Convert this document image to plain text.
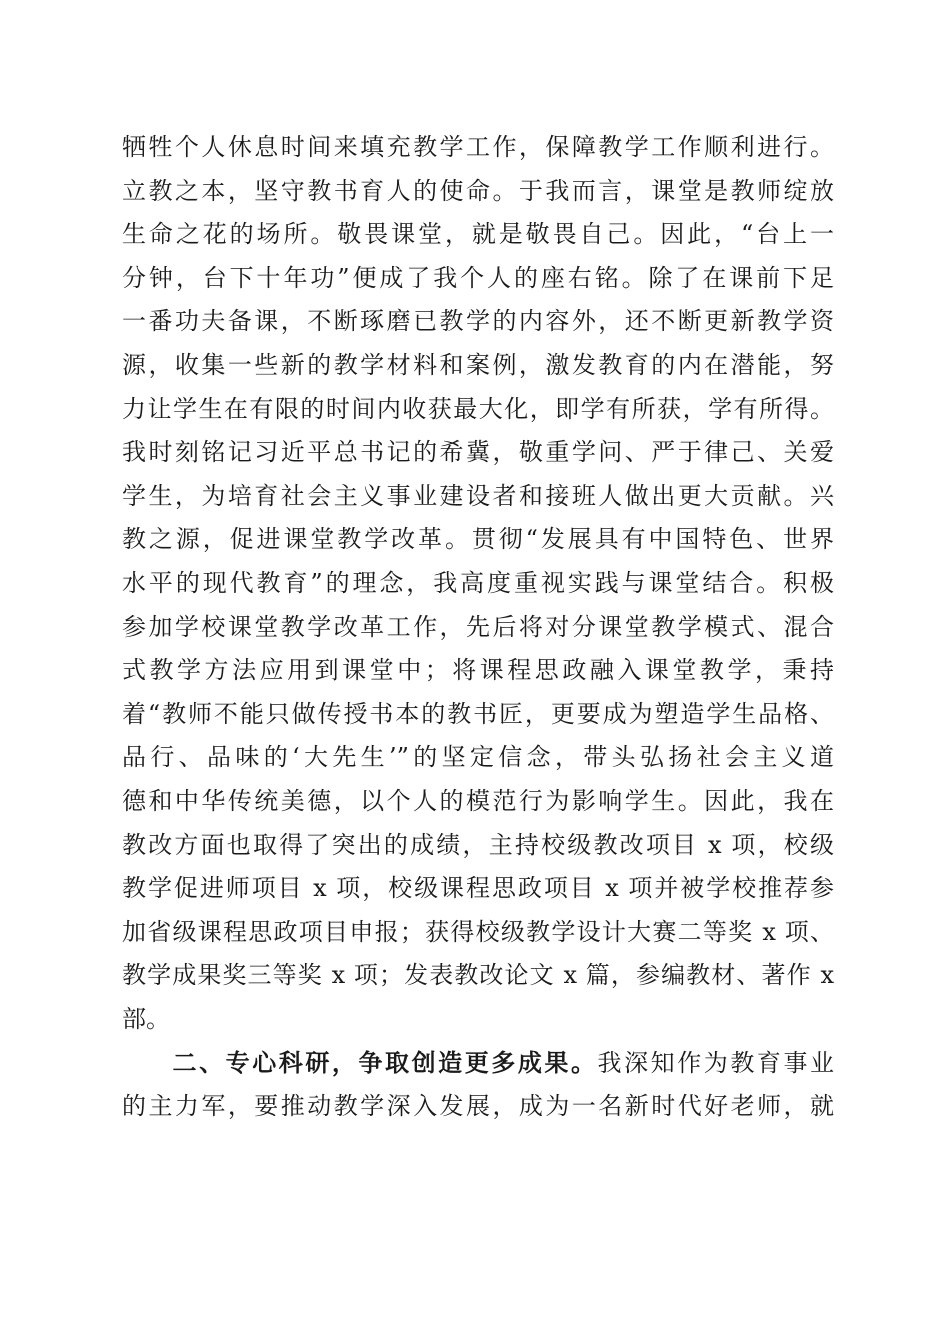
牺牲个人休息时间来填充教学工作，保障教学工作顺利进行。
立教之本，坚守教书育人的使命。于我而言，课堂是教师绽放
生命之花的场所。敬畏课堂，就是敬畏自己。因此，“台上一
分钟，台下十年功”便成了我个人的座右铭。除了在课前下足
一番功夫备课，不断琢磨已教学的内容外，还不断更新教学资
源，收集一些新的教学材料和案例，激发教育的内在潜能，努
力让学生在有限的时间内收获最大化，即学有所获，学有所得。
我时刻铭记习近平总书记的希冀，敬重学问、严于律己、关爱
学生，为培育社会主义事业建设者和接班人做出更大贡献。兴
教之源，促进课堂教学改革。贯彻“发展具有中国特色、世界
水平的现代教育”的理念，我高度重视实践与课堂结合。积极
参加学校课堂教学改革工作，先后将对分课堂教学模式、混合
式教学方法应用到课堂中；将课程思政融入课堂教学，秉持
着“教师不能只做传授书本的教书匠，更要成为塑造学生品格、
品行、品味的‘大先生’”的坚定信念，带头弘扬社会主义道
德和中华传统美德，以个人的模范行为影响学生。因此，我在
教改方面也取得了突出的成绩，主持校级教改项目 x 项，校级
教学促进师项目 x 项，校级课程思政项目 x 项并被学校推荐参
加省级课程思政项目申报；获得校级教学设计大赛二等奖 x 项、
教学成果奖三等奖 x 项；发表教改论文 x 篇，参编教材、著作 x
部。
二、专心科研，争取创造更多成果。我深知作为教育事业
的主力军，要推动教学深入发展，成为一名新时代好老师，就
